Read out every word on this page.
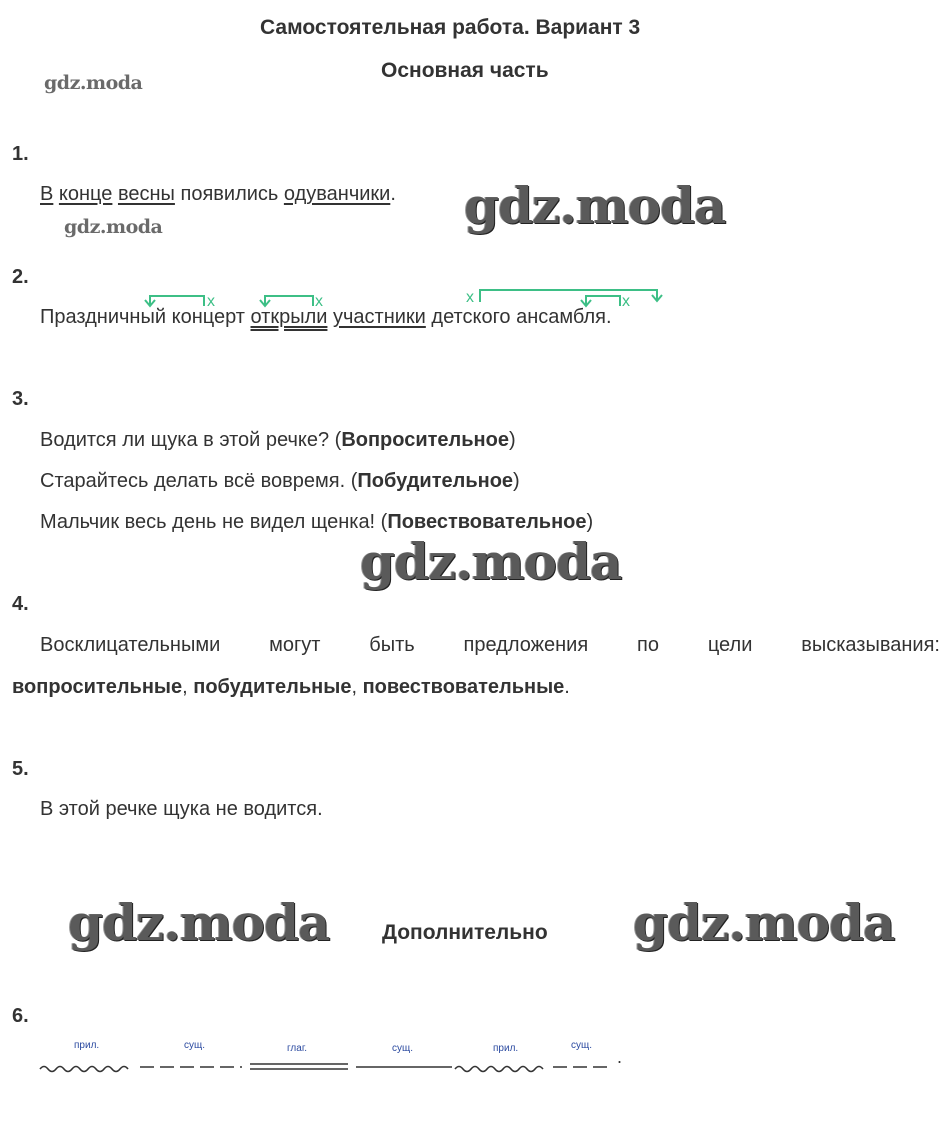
Самостоятельная работа. Вариант 3
Основная часть
gdz.moda
1.
В конце весны появились одуванчики. gdz.moda
gdz.moda
2.
x	x	x	x
Праздничный концерт открыли участники детского ансамбля.
3.
Водится ли щука в этой речке? (Вопросительное)
Старайтесь делать всё вовремя. (Побудительное)
Мальчик весь день не видел щенка! (Повествовательное)
gdz.moda
4.
Восклицательными могут быть предложения по цели высказывания:
вопросительные, побудительные, повествовательные.
5.
В этой речке щука не водится.
gdz.moda	Дополнительно gdz.moda
6.
прил.	сущ.	глаг.	сущ.	прил.	сущ.
.
